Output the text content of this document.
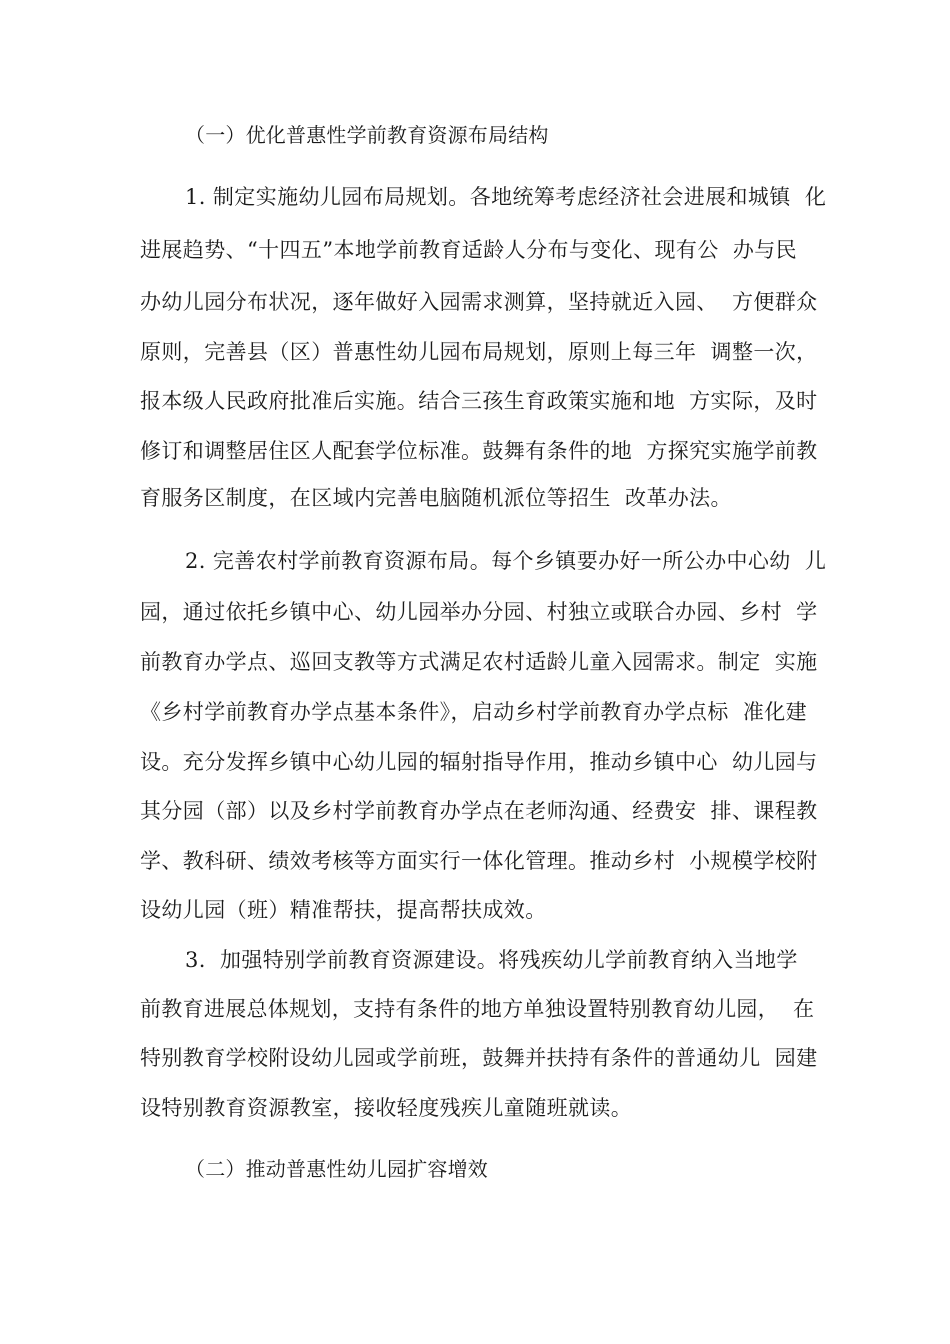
（一）优化普惠性学前教育资源布局结构
1. 制定实施幼儿园布局规划。各地统筹考虑经济社会进展和城镇  化
进展趋势、“十四五”本地学前教育适龄人分布与变化、现有公  办与民
办幼儿园分布状况，逐年做好入园需求测算，坚持就近入园、  方便群众
原则，完善县（区）普惠性幼儿园布局规划，原则上每三年  调整一次，
报本级人民政府批准后实施。结合三孩生育政策实施和地  方实际，及时
修订和调整居住区人配套学位标准。鼓舞有条件的地  方探究实施学前教
育服务区制度，在区域内完善电脑随机派位等招生  改革办法。
2. 完善农村学前教育资源布局。每个乡镇要办好一所公办中心幼  儿
园，通过依托乡镇中心、幼儿园举办分园、村独立或联合办园、乡村  学
前教育办学点、巡回支教等方式满足农村适龄儿童入园需求。制定  实施
《乡村学前教育办学点基本条件》，启动乡村学前教育办学点标  准化建
设。充分发挥乡镇中心幼儿园的辐射指导作用，推动乡镇中心  幼儿园与
其分园（部）以及乡村学前教育办学点在老师沟通、经费安  排、课程教
学、教科研、绩效考核等方面实行一体化管理。推动乡村  小规模学校附
设幼儿园（班）精准帮扶，提高帮扶成效。
3.  加强特别学前教育资源建设。将残疾幼儿学前教育纳入当地学
前教育进展总体规划，支持有条件的地方单独设置特别教育幼儿园，  在
特别教育学校附设幼儿园或学前班，鼓舞并扶持有条件的普通幼儿  园建
设特别教育资源教室，接收轻度残疾儿童随班就读。
（二）推动普惠性幼儿园扩容增效
